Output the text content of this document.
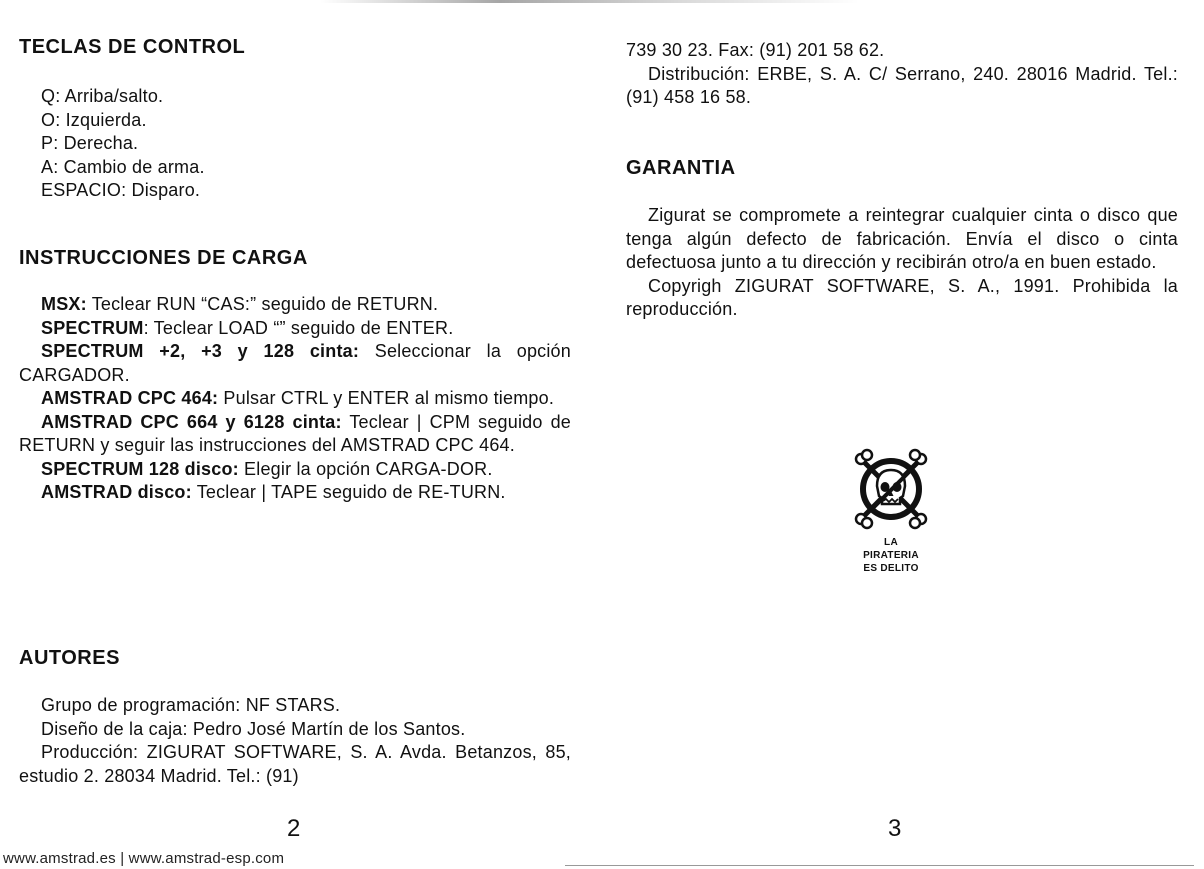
TECLAS DE CONTROL

Q: Arriba/salto.

O: Izquierda.

P: Derecha.

A: Cambio de arma.

ESPACIO: Disparo.

INSTRUCCIONES DE CARGA

MSX: Teclear RUN “CAS:” seguido de RETURN.

SPECTRUM: Teclear LOAD “” seguido de ENTER.

SPECTRUM +2, +3 y 128 cinta: Seleccionar la opción CARGADOR.

AMSTRAD CPC 464: Pulsar CTRL y ENTER al mismo tiempo.

AMSTRAD CPC 664 y 6128 cinta: Teclear | CPM seguido de RETURN y seguir las instrucciones del AMSTRAD CPC 464.

SPECTRUM 128 disco: Elegir la opción CARGA-DOR.

AMSTRAD disco: Teclear | TAPE seguido de RE-TURN.

AUTORES

Grupo de programación: NF STARS.

Diseño de la caja: Pedro José Martín de los Santos.

Producción: ZIGURAT SOFTWARE, S. A. Avda. Betanzos, 85, estudio 2. 28034 Madrid. Tel.: (91)

2

739 30 23. Fax: (91) 201 58 62.

Distribución: ERBE, S. A. C/ Serrano, 240. 28016 Madrid. Tel.: (91) 458 16 58.

GARANTIA

Zigurat se compromete a reintegrar cualquier cinta o disco que tenga algún defecto de fabricación. Envía el disco o cinta defectuosa junto a tu dirección y recibirán otro/a en buen estado.

Copyrigh ZIGURAT SOFTWARE, S. A., 1991. Prohibida la reproducción.

3
LA
PIRATERIA
ES DELITO
www.amstrad.es | www.amstrad-esp.com
